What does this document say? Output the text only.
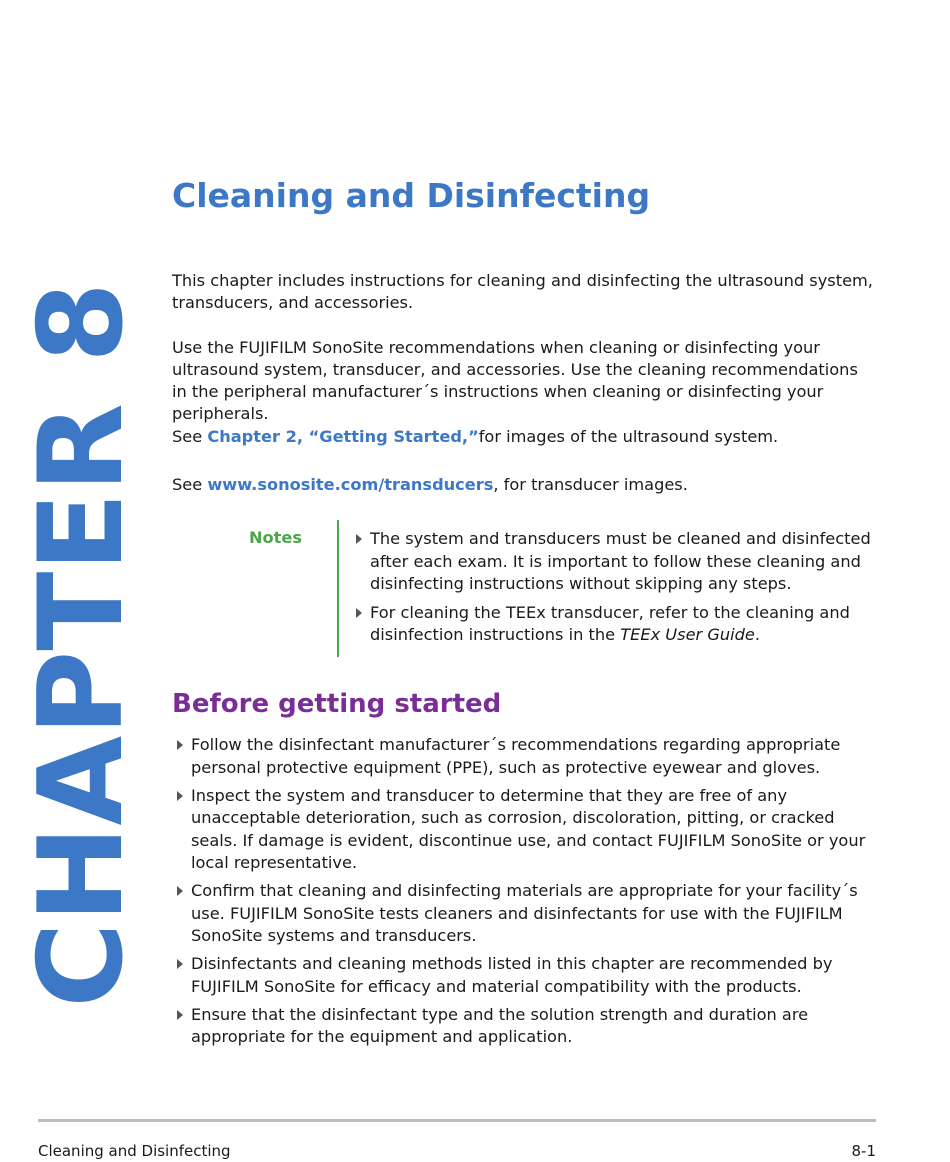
CHAPTER 8
Cleaning and Disinfecting

This chapter includes instructions for cleaning and disinfecting the ultrasound system, transducers, and accessories.

Use the FUJIFILM SonoSite recommendations when cleaning or disinfecting your ultrasound system, transducer, and accessories. Use the cleaning recommendations in the peripheral manufacturer´s instructions when cleaning or disinfecting your peripherals.

See Chapter 2, “Getting Started,”for images of the ultrasound system.

See www.sonosite.com/transducers, for transducer images.

Notes	The system and transducers must be cleaned and disinfected after each exam. It is important to follow these cleaning and disinfecting instructions without skipping any steps.
For cleaning the TEEx transducer, refer to the cleaning and disinfection instructions in the TEEx User Guide.
Before getting started
Follow the disinfectant manufacturer´s recommendations regarding appropriate personal protective equipment (PPE), such as protective eyewear and gloves.
Inspect the system and transducer to determine that they are free of any unacceptable deterioration, such as corrosion, discoloration, pitting, or cracked seals. If damage is evident, discontinue use, and contact FUJIFILM SonoSite or your local representative.
Confirm that cleaning and disinfecting materials are appropriate for your facility´s use. FUJIFILM SonoSite tests cleaners and disinfectants for use with the FUJIFILM SonoSite systems and transducers.
Disinfectants and cleaning methods listed in this chapter are recommended by FUJIFILM SonoSite for efficacy and material compatibility with the products.
Ensure that the disinfectant type and the solution strength and duration are appropriate for the equipment and application.
Cleaning and Disinfecting	8-1
